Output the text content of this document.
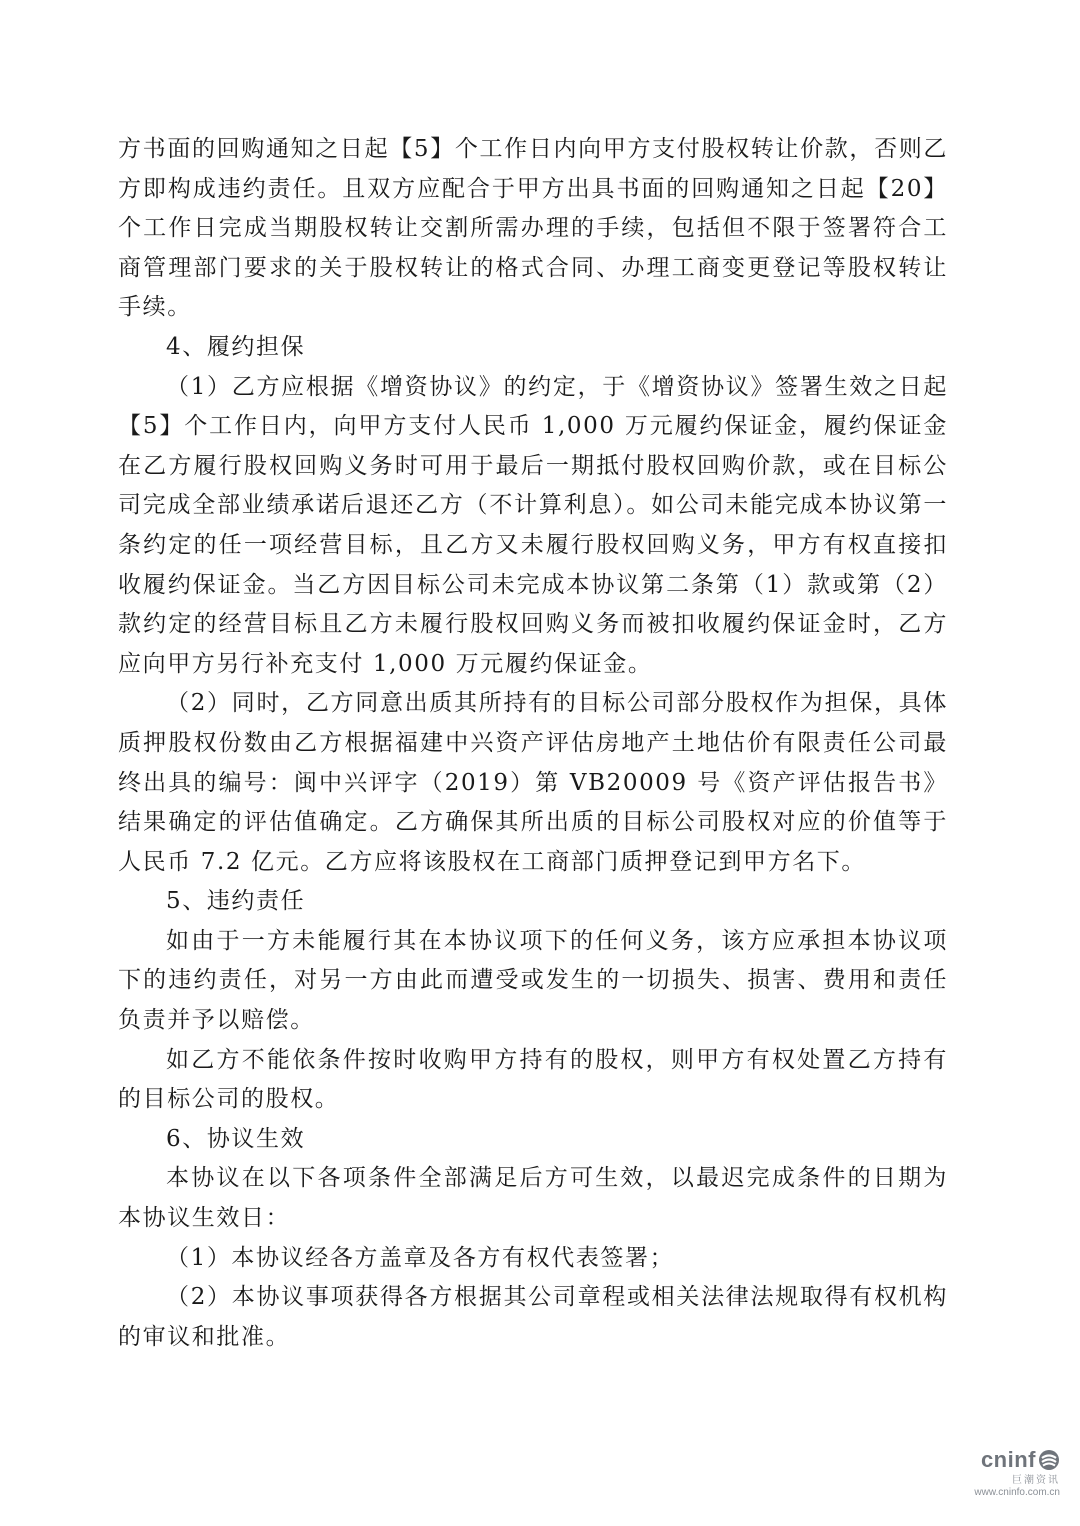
方书面的回购通知之日起【5】个工作日内向甲方支付股权转让价款，否则乙方即构成违约责任。且双方应配合于甲方出具书面的回购通知之日起【20】个工作日完成当期股权转让交割所需办理的手续，包括但不限于签署符合工商管理部门要求的关于股权转让的格式合同、办理工商变更登记等股权转让手续。

4、履约担保

（1）乙方应根据《增资协议》的约定，于《增资协议》签署生效之日起【5】个工作日内，向甲方支付人民币 1,000 万元履约保证金，履约保证金在乙方履行股权回购义务时可用于最后一期抵付股权回购价款，或在目标公司完成全部业绩承诺后退还乙方（不计算利息）。如公司未能完成本协议第一条约定的任一项经营目标，且乙方又未履行股权回购义务，甲方有权直接扣收履约保证金。当乙方因目标公司未完成本协议第二条第（1）款或第（2）款约定的经营目标且乙方未履行股权回购义务而被扣收履约保证金时，乙方应向甲方另行补充支付 1,000 万元履约保证金。

（2）同时，乙方同意出质其所持有的目标公司部分股权作为担保，具体质押股权份数由乙方根据福建中兴资产评估房地产土地估价有限责任公司最终出具的编号：闽中兴评字（2019）第 VB20009 号《资产评估报告书》结果确定的评估值确定。乙方确保其所出质的目标公司股权对应的价值等于人民币 7.2 亿元。乙方应将该股权在工商部门质押登记到甲方名下。

5、违约责任

如由于一方未能履行其在本协议项下的任何义务，该方应承担本协议项下的违约责任，对另一方由此而遭受或发生的一切损失、损害、费用和责任负责并予以赔偿。

如乙方不能依条件按时收购甲方持有的股权，则甲方有权处置乙方持有的目标公司的股权。

6、协议生效

本协议在以下各项条件全部满足后方可生效，以最迟完成条件的日期为本协议生效日：

（1）本协议经各方盖章及各方有权代表签署；

（2）本协议事项获得各方根据其公司章程或相关法律法规取得有权机构的审议和批准。

cninf
巨潮资讯
www.cninfo.com.cn
